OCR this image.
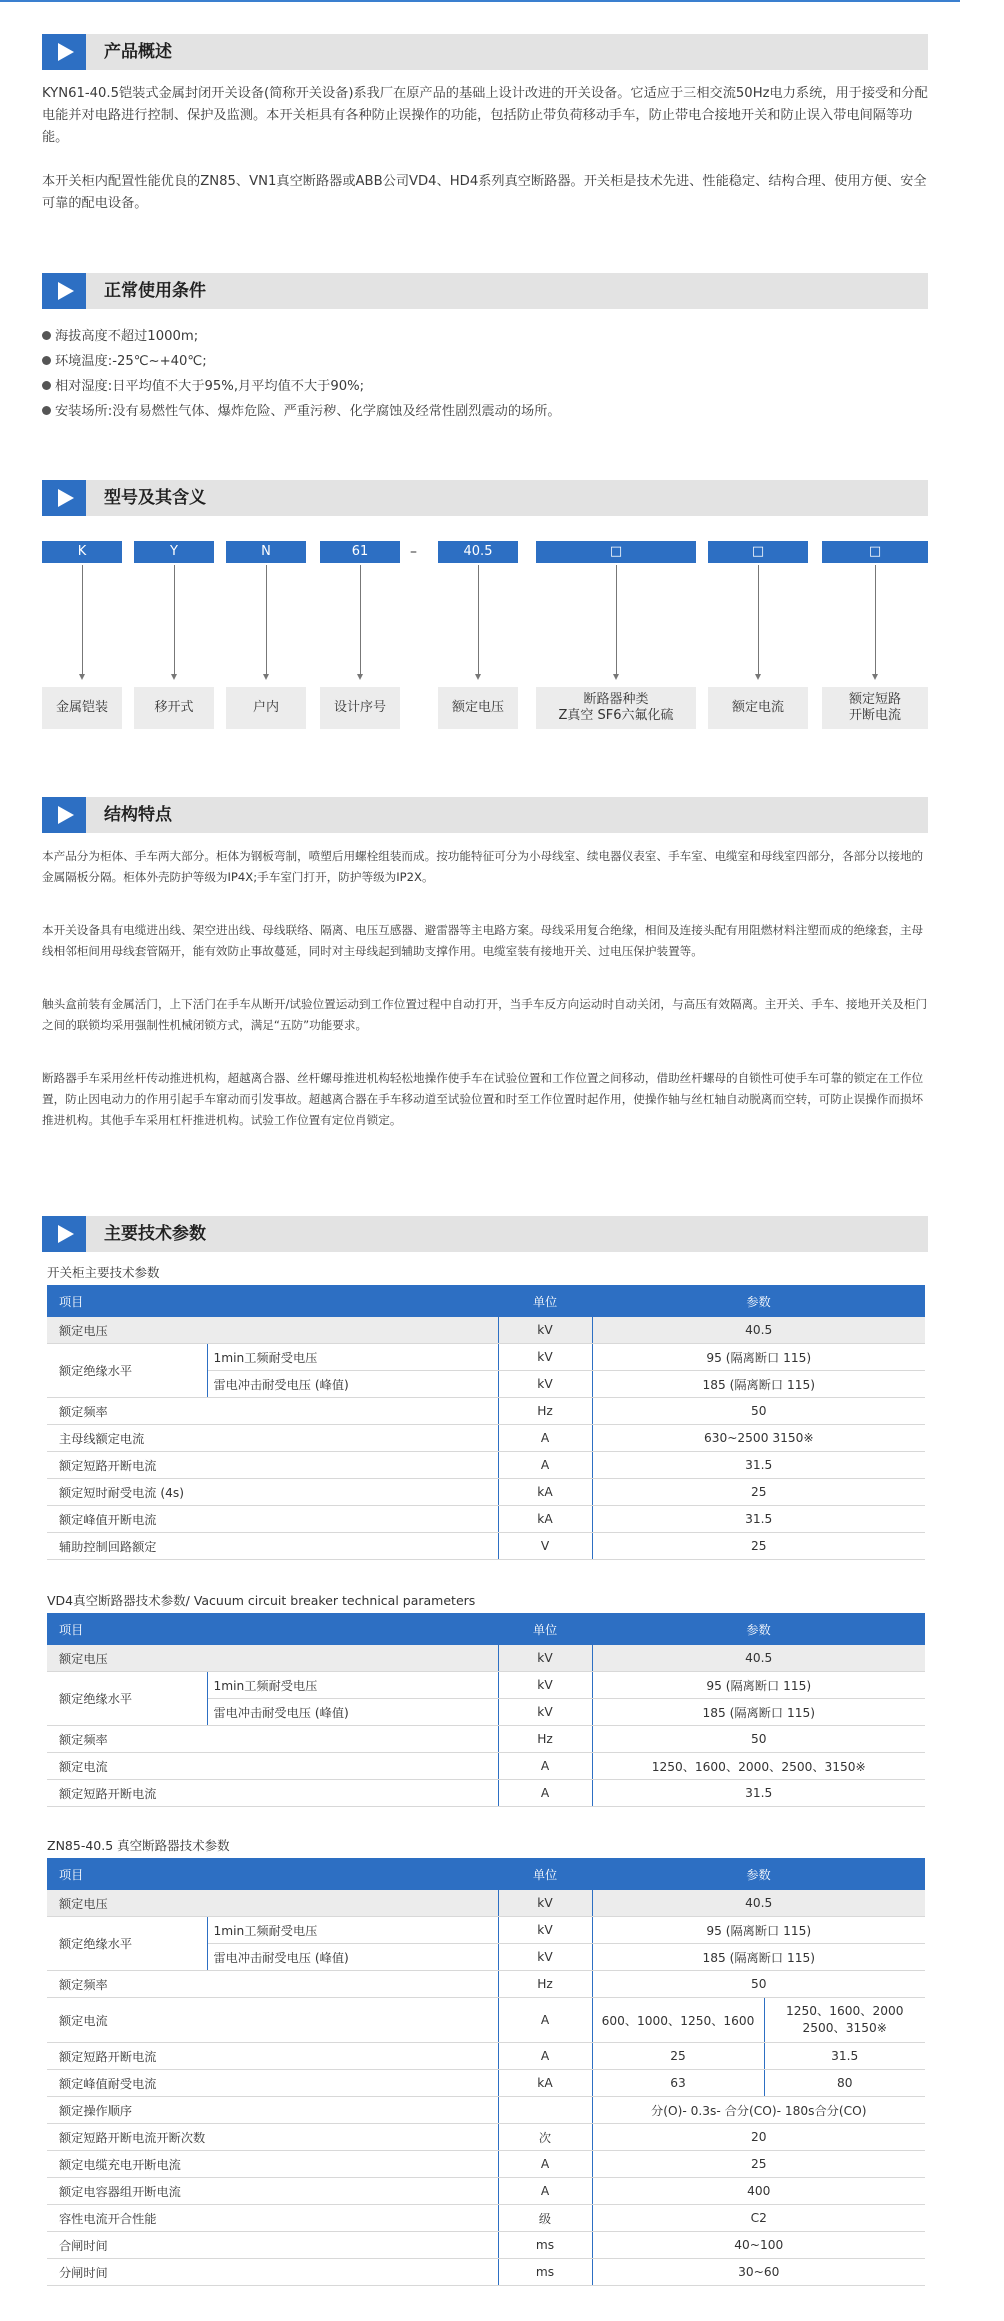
产品概述

KYN61-40.5铠装式金属封闭开关设备(简称开关设备)系我厂在原产品的基础上设计改进的开关设备。它适应于三相交流50Hz电力系统，用于接受和分配电能并对电路进行控制、保护及监测。本开关柜具有各种防止误操作的功能，包括防止带负荷移动手车，防止带电合接地开关和防止误入带电间隔等功能。

本开关柜内配置性能优良的ZN85、VN1真空断路器或ABB公司VD4、HD4系列真空断路器。开关柜是技术先进、性能稳定、结构合理、使用方便、安全可靠的配电设备。

正常使用条件
海拔高度不超过1000m;
环境温度:-25℃~+40℃;
相对湿度:日平均值不大于95%,月平均值不大于90%;
安装场所:没有易燃性气体、爆炸危险、严重污秽、化学腐蚀及经常性剧烈震动的场所。
型号及其含义
K	Y	N	61	–	40.5	□	□	□
金属铠装	移开式	户内	设计序号	额定电压
断路器种类
Z真空 SF6六氟化硫
额定电流
额定短路
开断电流
结构特点

本产品分为柜体、手车两大部分。柜体为钢板弯制，喷塑后用螺栓组装而成。按功能特征可分为小母线室、续电器仪表室、手车室、电缆室和母线室四部分，各部分以接地的金属隔板分隔。柜体外壳防护等级为IP4X;手车室门打开，防护等级为IP2X。

本开关设备具有电缆进出线、架空进出线、母线联络、隔离、电压互感器、避雷器等主电路方案。母线采用复合绝缘，相间及连接头配有用阻燃材料注塑而成的绝缘套，主母线相邻柜间用母线套管隔开，能有效防止事故蔓延，同时对主母线起到辅助支撑作用。电缆室装有接地开关、过电压保护装置等。

触头盒前装有金属活门，上下活门在手车从断开/试验位置运动到工作位置过程中自动打开，当手车反方向运动时自动关闭，与高压有效隔离。主开关、手车、接地开关及柜门之间的联锁均采用强制性机械闭锁方式，满足“五防”功能要求。

断路器手车采用丝杆传动推进机构，超越离合器、丝杆螺母推进机构轻松地操作使手车在试验位置和工作位置之间移动，借助丝杆螺母的自锁性可使手车可靠的锁定在工作位置，防止因电动力的作用引起手车窜动而引发事故。超越离合器在手车移动道至试验位置和时至工作位置时起作用，使操作轴与丝杠轴自动脱离而空转，可防止误操作而损坏推进机构。其他手车采用杠杆推进机构。试验工作位置有定位肖锁定。

主要技术参数
开关柜主要技术参数
项目		单位	参数
额定电压		kV	40.5
额定绝缘水平	1min工频耐受电压	kV	95 (隔离断口 115)
	雷电冲击耐受电压 (峰值)	kV	185 (隔离断口 115)
额定频率		Hz	50
主母线额定电流		A	630~2500 3150※
额定短路开断电流		A	31.5
额定短时耐受电流 (4s)		kA	25
额定峰值开断电流		kA	31.5
辅助控制回路额定		V	25
VD4真空断路器技术参数/ Vacuum circuit breaker technical parameters
项目		单位	参数
额定电压		kV	40.5
额定绝缘水平	1min工频耐受电压	kV	95 (隔离断口 115)
	雷电冲击耐受电压 (峰值)	kV	185 (隔离断口 115)
额定频率		Hz	50
额定电流		A	1250、1600、2000、2500、3150※
额定短路开断电流		A	31.5
ZN85-40.5 真空断路器技术参数
项目		单位	参数	
额定电压		kV	40.5	
额定绝缘水平	1min工频耐受电压	kV	95 (隔离断口 115)	
	雷电冲击耐受电压 (峰值)	kV	185 (隔离断口 115)	
额定频率		Hz	50	
额定电流		A	600、1000、1250、1600	1250、1600、2000
2500、3150※
额定短路开断电流		A	25	31.5
额定峰值耐受电流		kA	63	80
额定操作顺序			分(O)- 0.3s- 合分(CO)- 180s合分(CO)	
额定短路开断电流开断次数		次	20	
额定电缆充电开断电流		A	25	
额定电容器组开断电流		A	400	
容性电流开合性能		级	C2	
合闸时间		ms	40~100	
分闸时间		ms	30~60	
